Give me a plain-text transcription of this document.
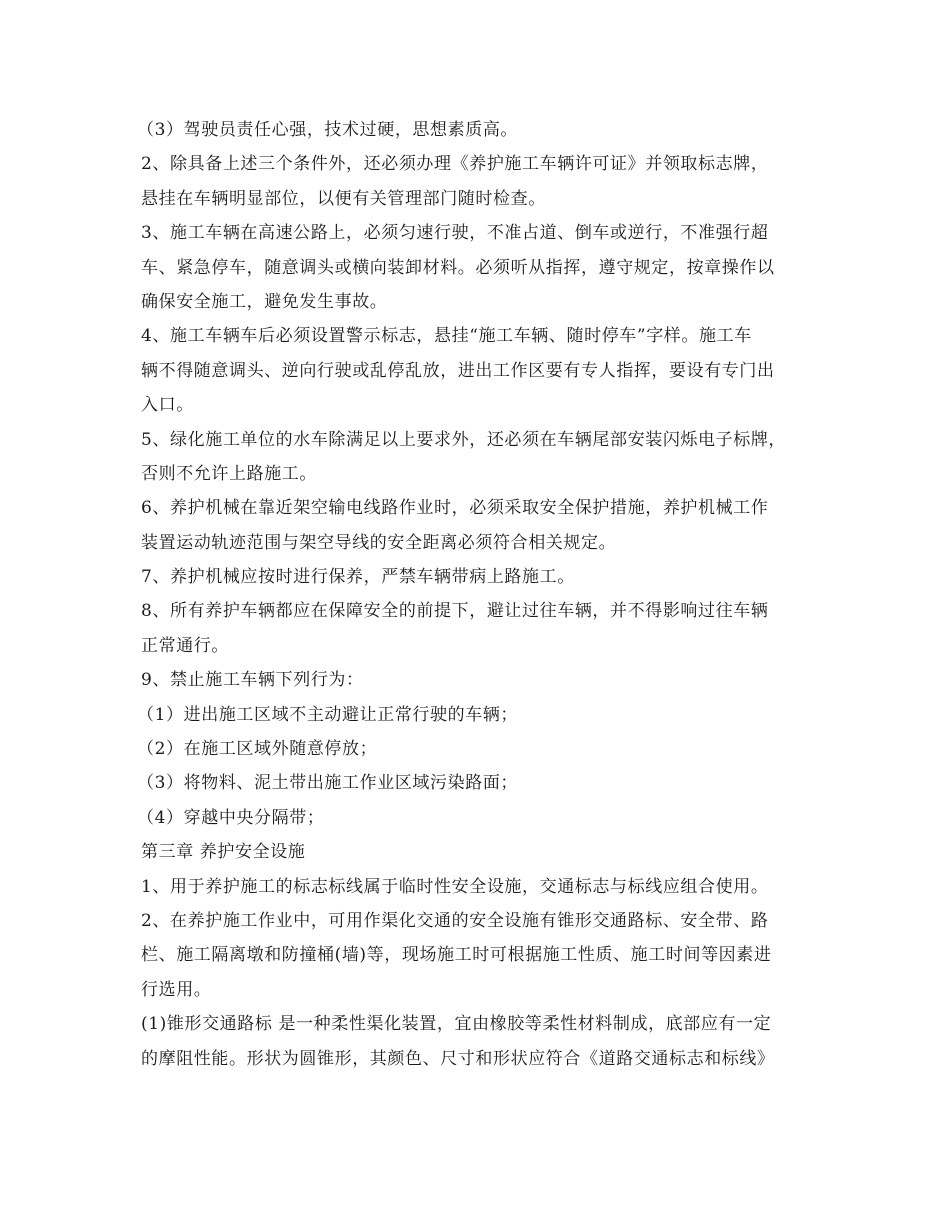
（3）驾驶员责任心强，技术过硬，思想素质高。
2、除具备上述三个条件外，还必须办理《养护施工车辆许可证》并领取标志牌，
悬挂在车辆明显部位，以便有关管理部门随时检查。
3、施工车辆在高速公路上，必须匀速行驶，不准占道、倒车或逆行，不准强行超
车、紧急停车，随意调头或横向装卸材料。必须听从指挥，遵守规定，按章操作以
确保安全施工，避免发生事故。
4、施工车辆车后必须设置警示标志，悬挂“施工车辆、随时停车”字样。施工车
辆不得随意调头、逆向行驶或乱停乱放，进出工作区要有专人指挥，要设有专门出
入口。
5、绿化施工单位的水车除满足以上要求外，还必须在车辆尾部安装闪烁电子标牌，
否则不允许上路施工。
6、养护机械在靠近架空输电线路作业时，必须采取安全保护措施，养护机械工作
装置运动轨迹范围与架空导线的安全距离必须符合相关规定。
7、养护机械应按时进行保养，严禁车辆带病上路施工。
8、所有养护车辆都应在保障安全的前提下，避让过往车辆，并不得影响过往车辆
正常通行。
9、禁止施工车辆下列行为：
（1）进出施工区域不主动避让正常行驶的车辆；
（2）在施工区域外随意停放；
（3）将物料、泥土带出施工作业区域污染路面；
（4）穿越中央分隔带；
第三章 养护安全设施
1、用于养护施工的标志标线属于临时性安全设施，交通标志与标线应组合使用。
2、在养护施工作业中，可用作渠化交通的安全设施有锥形交通路标、安全带、路
栏、施工隔离墩和防撞桶(墙)等，现场施工时可根据施工性质、施工时间等因素进
行选用。
(1)锥形交通路标 是一种柔性渠化装置，宜由橡胶等柔性材料制成，底部应有一定
的摩阻性能。形状为圆锥形，其颜色、尺寸和形状应符合《道路交通标志和标线》
